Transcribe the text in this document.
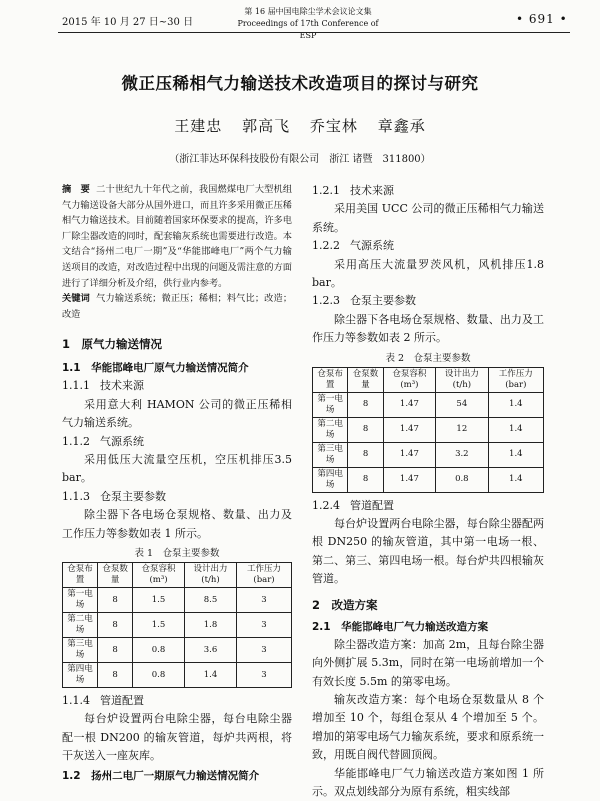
2015 年 10 月 27 日~30 日
第 16 届中国电除尘学术会议论文集
Proceedings of 17th Conference of ESP
• 691 •
微正压稀相气力输送技术改造项目的探讨与研究
王建忠 郭高飞 乔宝林 章鑫承
（浙江菲达环保科技股份有限公司　浙江 诸暨　311800）

摘　要 二十世纪九十年代之前，我国燃煤电厂大型机组气力输送设备大部分从国外进口，而且许多采用微正压稀相气力输送技术。目前随着国家环保要求的提高，许多电厂除尘器改造的同时，配套输灰系统也需要进行改造。本文结合“扬州二电厂一期”及“华能邯峰电厂”两个气力输送项目的改造，对改造过程中出现的问题及需注意的方面进行了详细分析及介绍，供行业内参考。

关键词 气力输送系统；微正压；稀相；料气比；改造；改造

1　原气力输送情况
1.1　华能邯峰电厂原气力输送情况简介
1.1.1 技术来源

采用意大利 HAMON 公司的微正压稀相气力输送系统。

1.1.2 气源系统

采用低压大流量空压机，空压机排压3.5 bar。

1.1.3 仓泵主要参数

除尘器下各电场仓泵规格、数量、出力及工作压力等参数如表 1 所示。

表 1　仓泵主要参数
仓泵布置	仓泵数量	仓泵容积(m³)	设计出力(t/h)	工作压力(bar)
第一电场	8	1.5	8.5	3
第二电场	8	1.5	1.8	3
第三电场	8	0.8	3.6	3
第四电场	8	0.8	1.4	3
1.1.4 管道配置

每台炉设置两台电除尘器，每台电除尘器配一根 DN200 的输灰管道，每炉共两根，将干灰送入一座灰库。

1.2　扬州二电厂一期原气力输送情况简介
1.2.1 技术来源

采用美国 UCC 公司的微正压稀相气力输送系统。

1.2.2 气源系统

采用高压大流量罗茨风机，风机排压1.8 bar。

1.2.3 仓泵主要参数

除尘器下各电场仓泵规格、数量、出力及工作压力等参数如表 2 所示。

表 2　仓泵主要参数
仓泵布置	仓泵数量	仓泵容积(m³)	设计出力(t/h)	工作压力(bar)
第一电场	8	1.47	54	1.4
第二电场	8	1.47	12	1.4
第三电场	8	1.47	3.2	1.4
第四电场	8	1.47	0.8	1.4
1.2.4 管道配置

每台炉设置两台电除尘器，每台除尘器配两根 DN250 的输灰管道，其中第一电场一根、第二、第三、第四电场一根。每台炉共四根输灰管道。

2　改造方案
2.1　华能邯峰电厂气力输送改造方案

除尘器改造方案：加高 2m，且每台除尘器向外侧扩展 5.3m，同时在第一电场前增加一个有效长度 5.5m 的第零电场。

输灰改造方案：每个电场仓泵数量从 8 个增加至 10 个，每组仓泵从 4 个增加至 5 个。增加的第零电场气力输灰系统，要求和原系统一致，用既自阀代替圆顶阀。

华能邯峰电厂气力输送改造方案如图 1 所示。双点划线部分为原有系统，粗实线部
